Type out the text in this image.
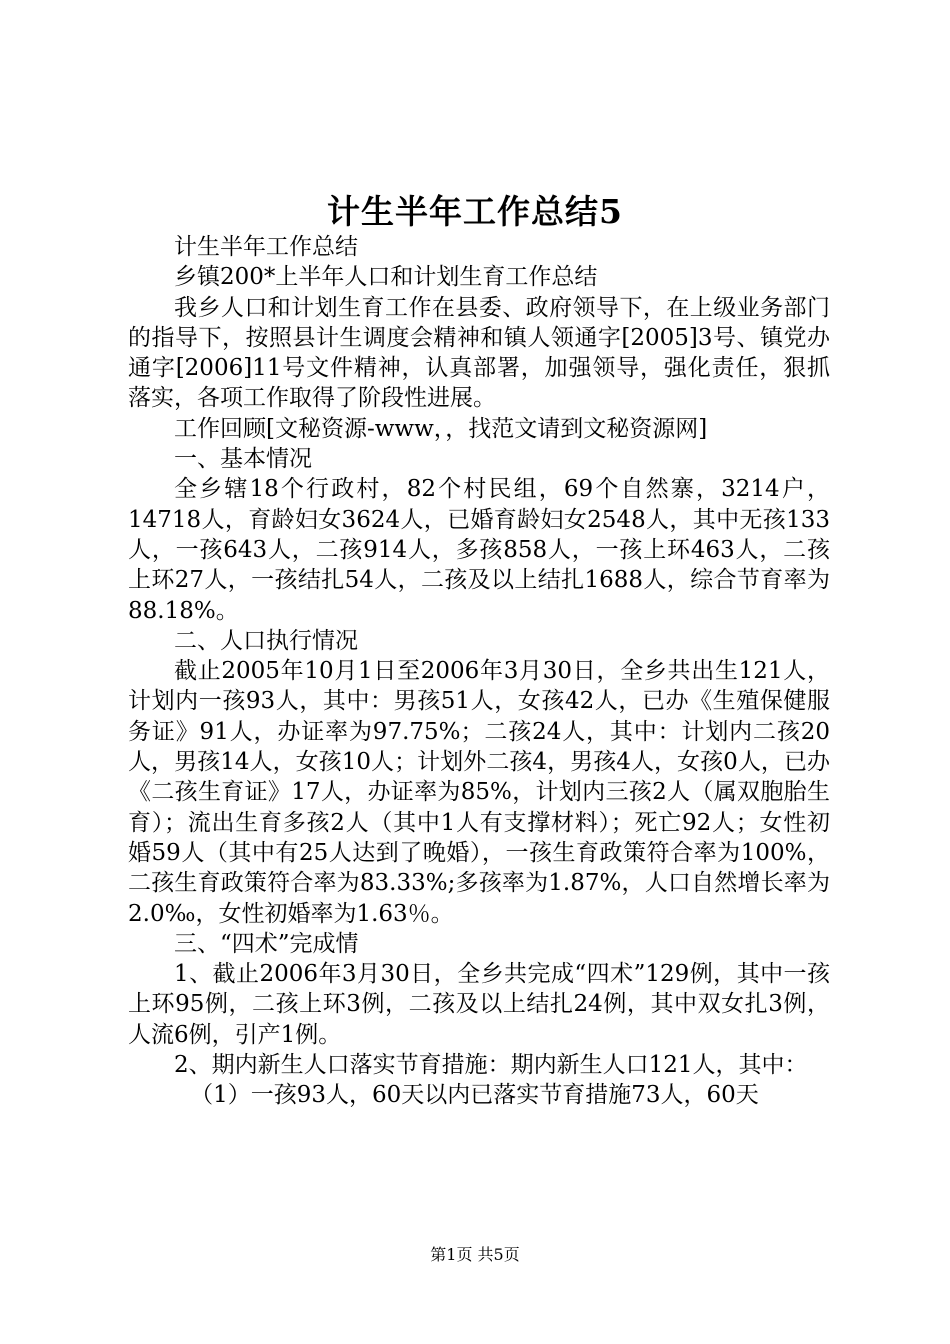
计生半年工作总结5

计生半年工作总结

乡镇200*上半年人口和计划生育工作总结

我乡人口和计划生育工作在县委、政府领导下，在上级业务部门的指导下，按照县计生调度会精神和镇人领通字[2005]3号、镇党办通字[2006]11号文件精神，认真部署，加强领导，强化责任，狠抓落实，各项工作取得了阶段性进展。

工作回顾[文秘资源-www，，找范文请到文秘资源网]

一、基本情况

全乡辖18个行政村，82个村民组，69个自然寨，3214户，14718人，育龄妇女3624人，已婚育龄妇女2548人，其中无孩133人，一孩643人，二孩914人，多孩858人，一孩上环463人，二孩上环27人，一孩结扎54人，二孩及以上结扎1688人，综合节育率为88.18%。

二、人口执行情况

截止2005年10月1日至2006年3月30日，全乡共出生121人，计划内一孩93人，其中：男孩51人，女孩42人，已办《生殖保健服务证》91人，办证率为97.75%；二孩24人，其中：计划内二孩20人，男孩14人，女孩10人；计划外二孩4，男孩4人，女孩0人，已办《二孩生育证》17人，办证率为85%，计划内三孩2人（属双胞胎生育）；流出生育多孩2人（其中1人有支撑材料）；死亡92人；女性初婚59人（其中有25人达到了晚婚），一孩生育政策符合率为100%，二孩生育政策符合率为83.33%;多孩率为1.87%，人口自然增长率为2.0‰，女性初婚率为1.63％。

三、“四术”完成情

1、截止2006年3月30日，全乡共完成“四术”129例，其中一孩上环95例，二孩上环3例，二孩及以上结扎24例，其中双女扎3例，人流6例，引产1例。

2、期内新生人口落实节育措施：期内新生人口121人，其中：

（1）一孩93人，60天以内已落实节育措施73人，60天

第1页 共5页
